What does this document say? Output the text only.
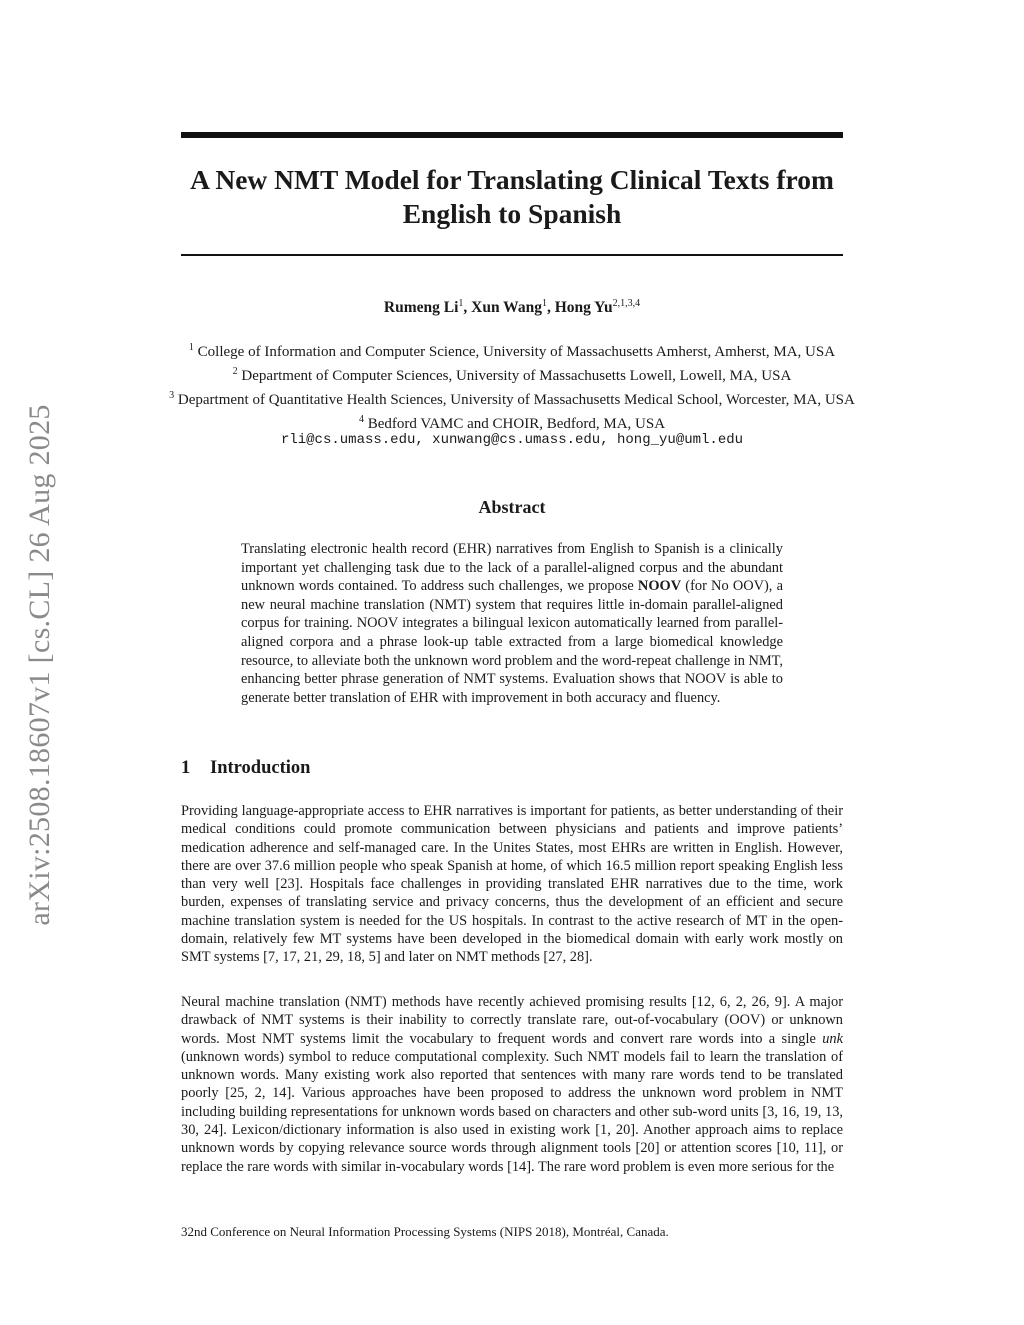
arXiv:2508.18607v1 [cs.CL] 26 Aug 2025
A New NMT Model for Translating Clinical Texts from
English to Spanish
Rumeng Li$^1$, Xun Wang$^1$, Hong Yu$^{2,1,3,4}$
$^1$ College of Information and Computer Science, University of Massachusetts Amherst, Amherst, MA, USA
$^2$ Department of Computer Sciences, University of Massachusetts Lowell, Lowell, MA, USA
$^3$ Department of Quantitative Health Sciences, University of Massachusetts Medical School, Worcester, MA, USA
$^4$ Bedford VAMC and CHOIR, Bedford, MA, USA
rli@cs.umass.edu, xunwang@cs.umass.edu, hong_yu@uml.edu
Abstract
Translating electronic health record (EHR) narratives from English to Spanish is a clinically important yet challenging task due to the lack of a parallel-aligned corpus and the abundant unknown words contained. To address such challenges, we propose NOOV (for No OOV), a new neural machine translation (NMT) system that requires little in-domain parallel-aligned corpus for training. NOOV integrates a bilingual lexicon automatically learned from parallel-aligned corpora and a phrase look-up table extracted from a large biomedical knowledge resource, to alleviate both the unknown word problem and the word-repeat challenge in NMT, enhancing better phrase generation of NMT systems. Evaluation shows that NOOV is able to generate better translation of EHR with improvement in both accuracy and fluency.
1 Introduction
Providing language-appropriate access to EHR narratives is important for patients, as better understanding of their medical conditions could promote communication between physicians and patients and improve patients’ medication adherence and self-managed care. In the Unites States, most EHRs are written in English. However, there are over 37.6 million people who speak Spanish at home, of which 16.5 million report speaking English less than very well [23]. Hospitals face challenges in providing translated EHR narratives due to the time, work burden, expenses of translating service and privacy concerns, thus the development of an efficient and secure machine translation system is needed for the US hospitals. In contrast to the active research of MT in the open-domain, relatively few MT systems have been developed in the biomedical domain with early work mostly on SMT systems [7, 17, 21, 29, 18, 5] and later on NMT methods [27, 28].
Neural machine translation (NMT) methods have recently achieved promising results [12, 6, 2, 26, 9]. A major drawback of NMT systems is their inability to correctly translate rare, out-of-vocabulary (OOV) or unknown words. Most NMT systems limit the vocabulary to frequent words and convert rare words into a single unk (unknown words) symbol to reduce computational complexity. Such NMT models fail to learn the translation of unknown words. Many existing work also reported that sentences with many rare words tend to be translated poorly [25, 2, 14]. Various approaches have been proposed to address the unknown word problem in NMT including building representations for unknown words based on characters and other sub-word units [3, 16, 19, 13, 30, 24]. Lexicon/dictionary information is also used in existing work [1, 20]. Another approach aims to replace unknown words by copying relevance source words through alignment tools [20] or attention scores [10, 11], or replace the rare words with similar in-vocabulary words [14]. The rare word problem is even more serious for the
32nd Conference on Neural Information Processing Systems (NIPS 2018), Montréal, Canada.
